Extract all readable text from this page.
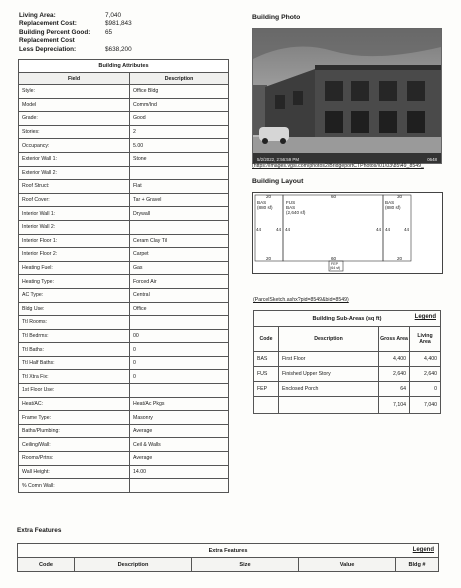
Living Area:	7,040
Replacement Cost:	$981,843
Building Percent Good:	65
Replacement Cost
Less Depreciation:	$638,200
Building Attributes	
Field	Description
Style:	Office Bldg
Model	Comm/Ind
Grade:	Good
Stories:	2
Occupancy:	5.00
Exterior Wall 1:	Stone
Exterior Wall 2:	
Roof Struct:	Flat
Roof Cover:	Tar + Gravel
Interior Wall 1:	Drywall
Interior Wall 2:	
Interior Floor 1:	Ceram Clay Til
Interior Floor 2:	Carpet
Heating Fuel:	Gas
Heating Type:	Forced Air
AC Type:	Central
Bldg Use:	Office
Ttl Rooms:	
Ttl Bedrms:	00
Ttl Baths:	0
Ttl Half Baths:	0
Ttl Xtra Fix:	0
1st Floor Use:	
Heat/AC:	Heat/Ac Pkgs
Frame Type:	Masonry
Baths/Plumbing:	Average
Ceiling/Wall:	Ceil & Walls
Rooms/Prtns:	Average
Wall Height:	14.00
% Comn Wall:	
Building Photo
5/2/2022, 2:56:59 PM	0648
(https://images.vgsi.com/photos2/BridgeportCTPhotos/\01\03\85\49_8549_
Building Layout
20	60	30
BAS
(880 sf)
FUS
BAS
(2,640 sf)
BAS
(880 sf)
44	44 44	44 44	44
20	60	20
FEP
(64 sf)
(ParcelSketch.ashx?pid=8549&bid=8549)
Building Sub-Areas (sq ft) Legend			

Code	Description	Gross Area	Living Area
BAS	First Floor	4,400	4,400
FUS	Finished Upper Story	2,640	2,640
FEP	Enclosed Porch	64	0
		7,104	7,040
Extra Features
Extra Features	Legend

Code	Description	Size	Value	Bldg #
